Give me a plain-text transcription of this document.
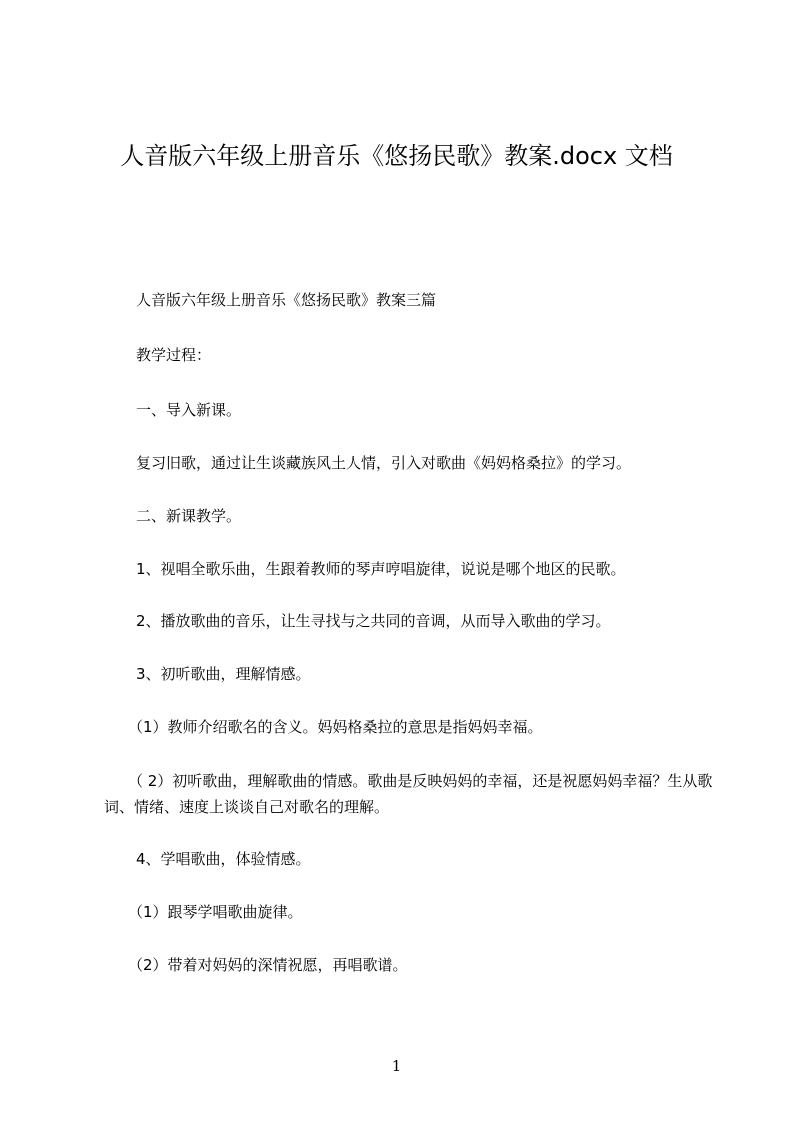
人音版六年级上册音乐《悠扬民歌》教案.docx 文档
人音版六年级上册音乐《悠扬民歌》教案三篇
教学过程：
一、导入新课。
复习旧歌，通过让生谈藏族风土人情，引入对歌曲《妈妈格桑拉》的学习。
二、新课教学。
1、视唱全歌乐曲，生跟着教师的琴声哼唱旋律，说说是哪个地区的民歌。
2、播放歌曲的音乐，让生寻找与之共同的音调，从而导入歌曲的学习。
3、初听歌曲，理解情感。
（1）教师介绍歌名的含义。妈妈格桑拉的意思是指妈妈幸福。
（ 2）初听歌曲，理解歌曲的情感。歌曲是反映妈妈的幸福，还是祝愿妈妈幸福？生从歌词、情绪、速度上谈谈自己对歌名的理解。
4、学唱歌曲，体验情感。
（1）跟琴学唱歌曲旋律。
（2）带着对妈妈的深情祝愿，再唱歌谱。
1
